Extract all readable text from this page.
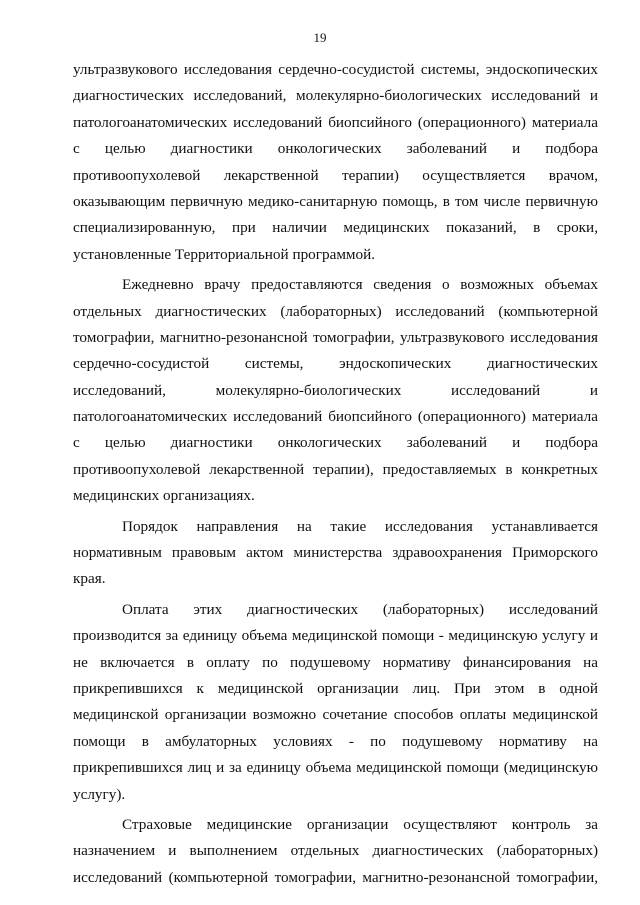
19
ультразвукового исследования сердечно-сосудистой системы, эндоскопических
диагностических исследований, молекулярно-биологических исследований и
патологоанатомических исследований биопсийного (операционного) материала
с целью диагностики онкологических заболеваний и подбора
противоопухолевой лекарственной терапии) осуществляется врачом,
оказывающим первичную медико-санитарную помощь, в том числе первичную
специализированную, при наличии медицинских показаний, в сроки,
установленные Территориальной программой.
Ежедневно врачу предоставляются сведения о возможных объемах
отдельных диагностических (лабораторных) исследований (компьютерной
томографии, магнитно-резонансной томографии, ультразвукового исследования
сердечно-сосудистой системы, эндоскопических диагностических
исследований, молекулярно-биологических исследований и
патологоанатомических исследований биопсийного (операционного) материала
с целью диагностики онкологических заболеваний и подбора
противоопухолевой лекарственной терапии), предоставляемых в конкретных
медицинских организациях.
Порядок направления на такие исследования устанавливается
нормативным правовым актом министерства здравоохранения Приморского
края.
Оплата этих диагностических (лабораторных) исследований
производится за единицу объема медицинской помощи - медицинскую услугу и
не включается в оплату по подушевому нормативу финансирования на
прикрепившихся к медицинской организации лиц. При этом в одной
медицинской организации возможно сочетание способов оплаты медицинской
помощи в амбулаторных условиях - по подушевому нормативу на
прикрепившихся лиц и за единицу объема медицинской помощи (медицинскую
услугу).
Страховые медицинские организации осуществляют контроль за
назначением и выполнением отдельных диагностических (лабораторных)
исследований (компьютерной томографии, магнитно-резонансной томографии,
